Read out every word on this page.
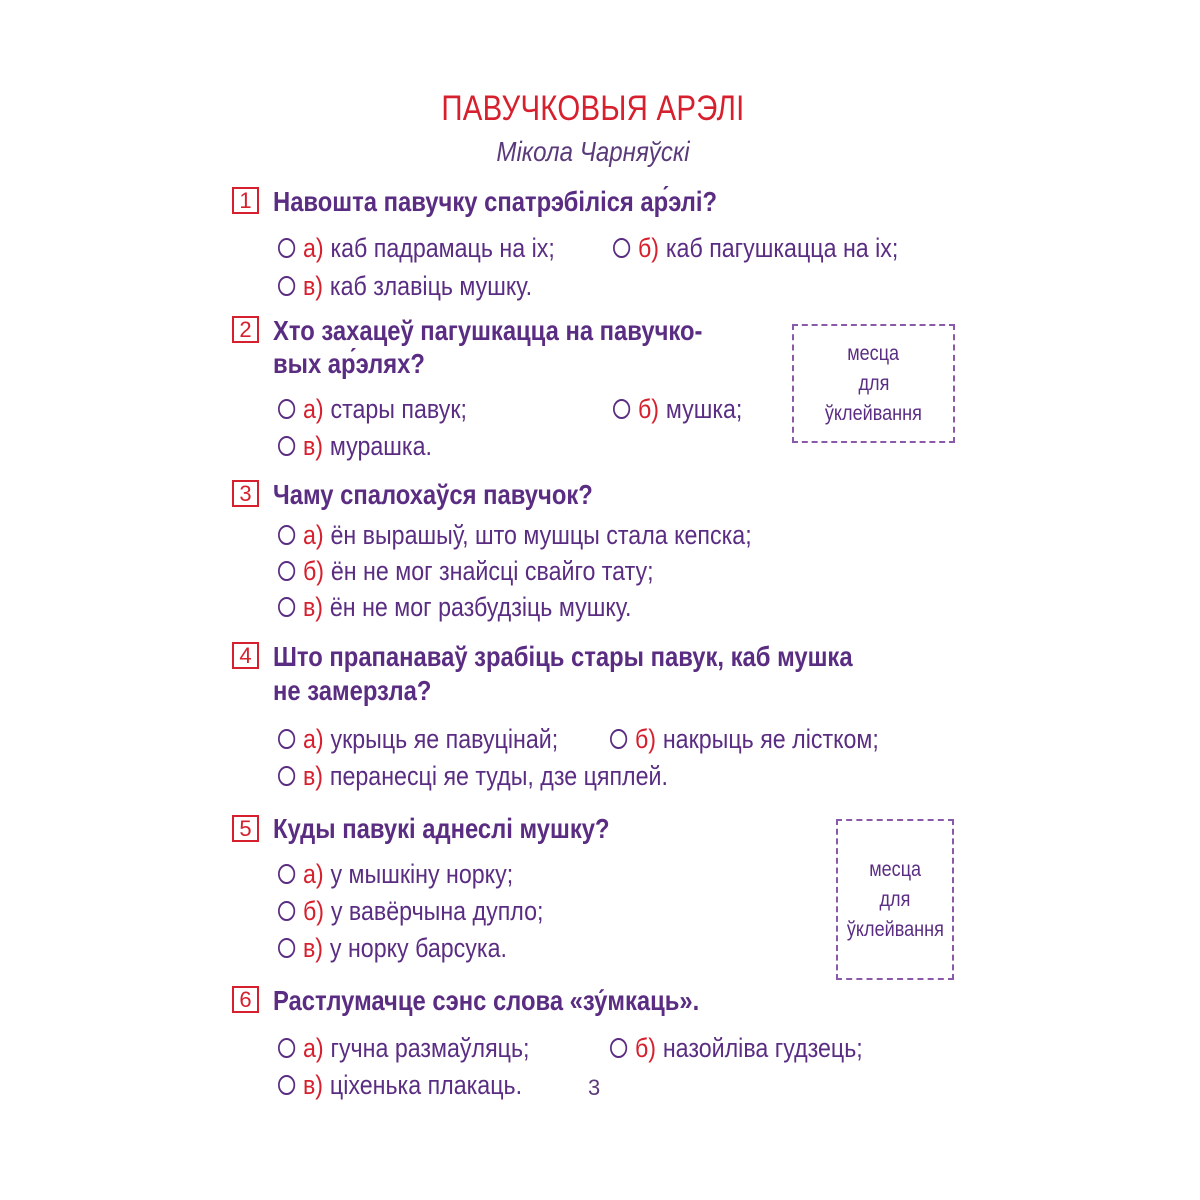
ПАВУЧКОВЫЯ АРЭЛІ
Мікола Чарняўскі
1 Навошта павучку спатрэбіліся ар́элі?
а) каб падрамаць на іх;	б) каб пагушкацца на іх;
в) каб злавіць мушку.
2 Хто захацеў пагушкацца на павучко-
вых ар́элях?
а) стары павук;	б) мушка;
в) мурашка.
месца
для
ўклейвання
3 Чаму спалохаўся павучок?
а) ён вырашыў, што мушцы стала кепска;
б) ён не мог знайсці свайго тату;
в) ён не мог разбудзіць мушку.
4 Што прапанаваў зрабіць стары павук, каб мушка
не замерзла?
а) укрыць яе павуцінай;	б) накрыць яе лістком;
в) перанесці яе туды, дзе цяплей.
5 Куды павукі аднеслі мушку?
а) у мышкіну норку;
б) у вавёрчына дупло;
в) у норку барсука.
месца
для
ўклейвання
6 Растлумачце сэнс слова «зу́мкаць».
а) гучна размаўляць;	б) назойліва гудзець;
в) ціхенька плакаць.	3
